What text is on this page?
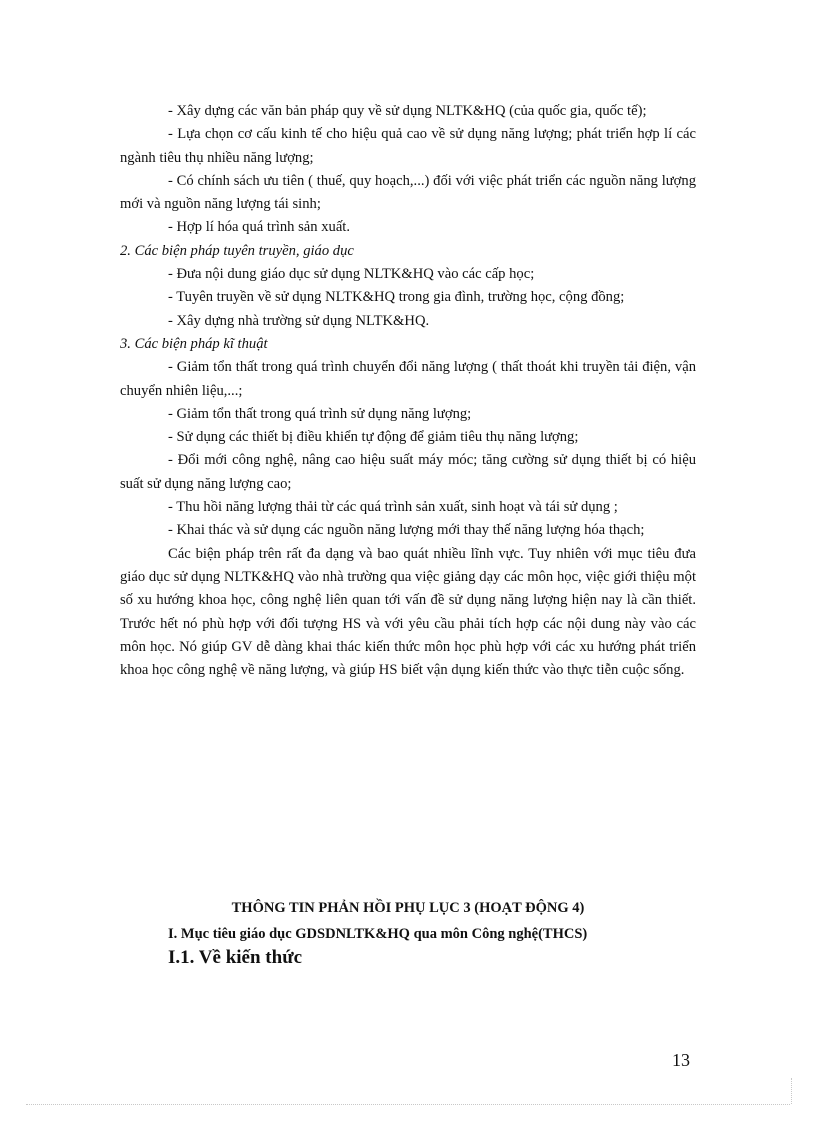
- Xây dựng các văn bản pháp quy về sử dụng NLTK&HQ (của quốc gia, quốc tế);

- Lựa chọn cơ cấu kinh tế cho hiệu quả cao về sử dụng năng lượng; phát triển hợp lí các ngành tiêu thụ nhiều năng lượng;

- Có chính sách ưu tiên ( thuế, quy hoạch,...) đối với việc phát triển các nguồn năng lượng mới và nguồn năng lượng tái sinh;

- Hợp lí hóa quá trình sản xuất.

2. Các biện pháp tuyên truyền, giáo dục

- Đưa nội dung giáo dục sử dụng NLTK&HQ vào các cấp học;

- Tuyên truyền về sử dụng NLTK&HQ trong gia đình, trường học, cộng đồng;

- Xây dựng nhà trường sử dụng NLTK&HQ.

3. Các biện pháp kĩ thuật

- Giảm tổn thất trong quá trình chuyển đổi năng lượng ( thất thoát khi truyền tải điện, vận chuyển nhiên liệu,...;

- Giảm tổn thất trong quá trình sử dụng năng lượng;

- Sử dụng các thiết bị điều khiển tự động để giảm tiêu thụ năng lượng;

- Đổi mới công nghệ, nâng cao hiệu suất máy móc; tăng cường sử dụng thiết bị có hiệu suất sử dụng năng lượng cao;

- Thu hồi năng lượng thải từ các quá trình sản xuất, sinh hoạt và tái sử dụng ;

- Khai thác và sử dụng các nguồn năng lượng mới thay thế năng lượng hóa thạch;

Các biện pháp trên rất đa dạng và bao quát nhiều lĩnh vực. Tuy nhiên với mục tiêu đưa giáo dục sử dụng NLTK&HQ vào nhà trường qua việc giảng dạy các môn học, việc giới thiệu một số xu hướng khoa học, công nghệ liên quan tới vấn đề sử dụng năng lượng hiện nay là cần thiết. Trước hết nó phù hợp với đối tượng HS và với yêu cầu phải tích hợp các nội dung này vào các môn học. Nó giúp GV dễ dàng khai thác kiến thức môn học phù hợp với các xu hướng phát triển khoa học công nghệ về năng lượng, và giúp HS biết vận dụng kiến thức vào thực tiễn cuộc sống.

THÔNG TIN PHẢN HỒI PHỤ LỤC 3 (HOẠT ĐỘNG 4)

I. Mục tiêu giáo dục GDSDNLTK&HQ qua môn Công nghệ(THCS)

I.1. Về kiến thức

13
